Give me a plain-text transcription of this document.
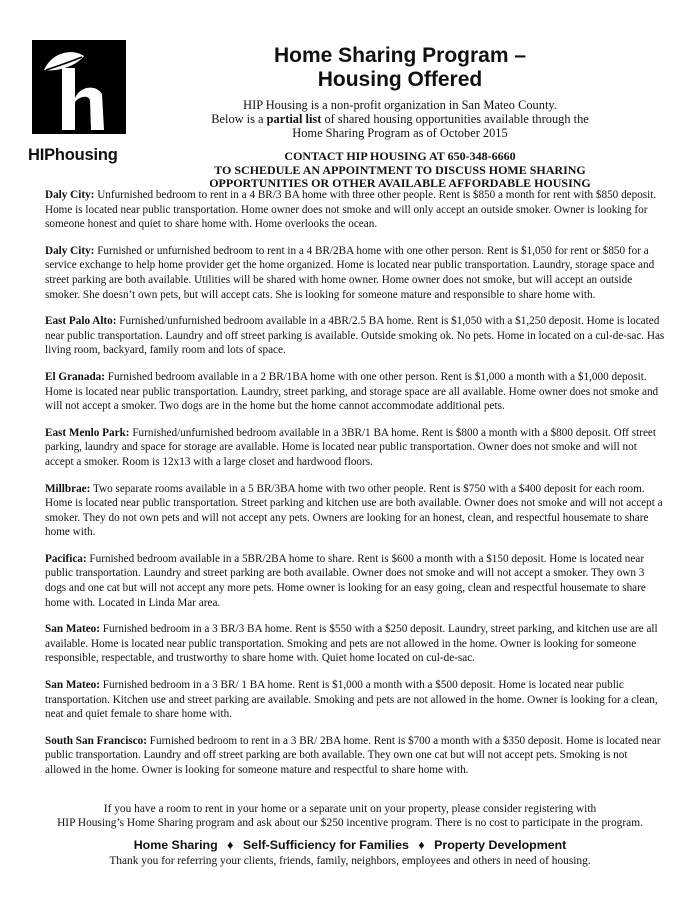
HIPhousing
Home Sharing Program –
Housing Offered
HIP Housing is a non-profit organization in San Mateo County.
Below is a partial list of shared housing opportunities available through the
Home Sharing Program as of October 2015
CONTACT HIP HOUSING AT 650-348-6660
TO SCHEDULE AN APPOINTMENT TO DISCUSS HOME SHARING
OPPORTUNITIES OR OTHER AVAILABLE AFFORDABLE HOUSING

Daly City: Unfurnished bedroom to rent in a 4 BR/3 BA home with three other people. Rent is $850 a month for rent with $850 deposit. Home is located near public transportation. Home owner does not smoke and will only accept an outside smoker. Owner is looking for someone honest and quiet to share home with. Home overlooks the ocean.

Daly City: Furnished or unfurnished bedroom to rent in a 4 BR/2BA home with one other person. Rent is $1,050 for rent or $850 for a service exchange to help home provider get the home organized. Home is located near public transportation. Laundry, storage space and street parking are both available. Utilities will be shared with home owner. Home owner does not smoke, but will accept an outside smoker. She doesn’t own pets, but will accept cats. She is looking for someone mature and responsible to share home with.

East Palo Alto: Furnished/unfurnished bedroom available in a 4BR/2.5 BA home. Rent is $1,050 with a $1,250 deposit. Home is located near public transportation. Laundry and off street parking is available. Outside smoking ok. No pets. Home in located on a cul-de-sac. Has living room, backyard, family room and lots of space.

El Granada: Furnished bedroom available in a 2 BR/1BA home with one other person. Rent is $1,000 a month with a $1,000 deposit. Home is located near public transportation. Laundry, street parking, and storage space are all available. Home owner does not smoke and will not accept a smoker. Two dogs are in the home but the home cannot accommodate additional pets.

East Menlo Park: Furnished/unfurnished bedroom available in a 3BR/1 BA home. Rent is $800 a month with a $800 deposit. Off street parking, laundry and space for storage are available. Home is located near public transportation. Owner does not smoke and will not accept a smoker. Room is 12x13 with a large closet and hardwood floors.

Millbrae: Two separate rooms available in a 5 BR/3BA home with two other people. Rent is $750 with a $400 deposit for each room. Home is located near public transportation. Street parking and kitchen use are both available. Owner does not smoke and will not accept a smoker. They do not own pets and will not accept any pets. Owners are looking for an honest, clean, and respectful housemate to share home with.

Pacifica: Furnished bedroom available in a 5BR/2BA home to share. Rent is $600 a month with a $150 deposit. Home is located near public transportation. Laundry and street parking are both available. Owner does not smoke and will not accept a smoker. They own 3 dogs and one cat but will not accept any more pets. Home owner is looking for an easy going, clean and respectful housemate to share home with. Located in Linda Mar area.

San Mateo: Furnished bedroom in a 3 BR/3 BA home. Rent is $550 with a $250 deposit. Laundry, street parking, and kitchen use are all available. Home is located near public transportation. Smoking and pets are not allowed in the home. Owner is looking for someone responsible, respectable, and trustworthy to share home with. Quiet home located on cul-de-sac.

San Mateo: Furnished bedroom in a 3 BR/ 1 BA home. Rent is $1,000 a month with a $500 deposit. Home is located near public transportation. Kitchen use and street parking are available. Smoking and pets are not allowed in the home. Owner is looking for a clean, neat and quiet female to share home with.

South San Francisco: Furnished bedroom to rent in a 3 BR/ 2BA home. Rent is $700 a month with a $350 deposit. Home is located near public transportation. Laundry and off street parking are both available. They own one cat but will not accept pets. Smoking is not allowed in the home. Owner is looking for someone mature and respectful to share home with.

If you have a room to rent in your home or a separate unit on your property, please consider registering with
HIP Housing’s Home Sharing program and ask about our $250 incentive program. There is no cost to participate in the program.
Home Sharing ♦ Self-Sufficiency for Families ♦ Property Development
Thank you for referring your clients, friends, family, neighbors, employees and others in need of housing.
